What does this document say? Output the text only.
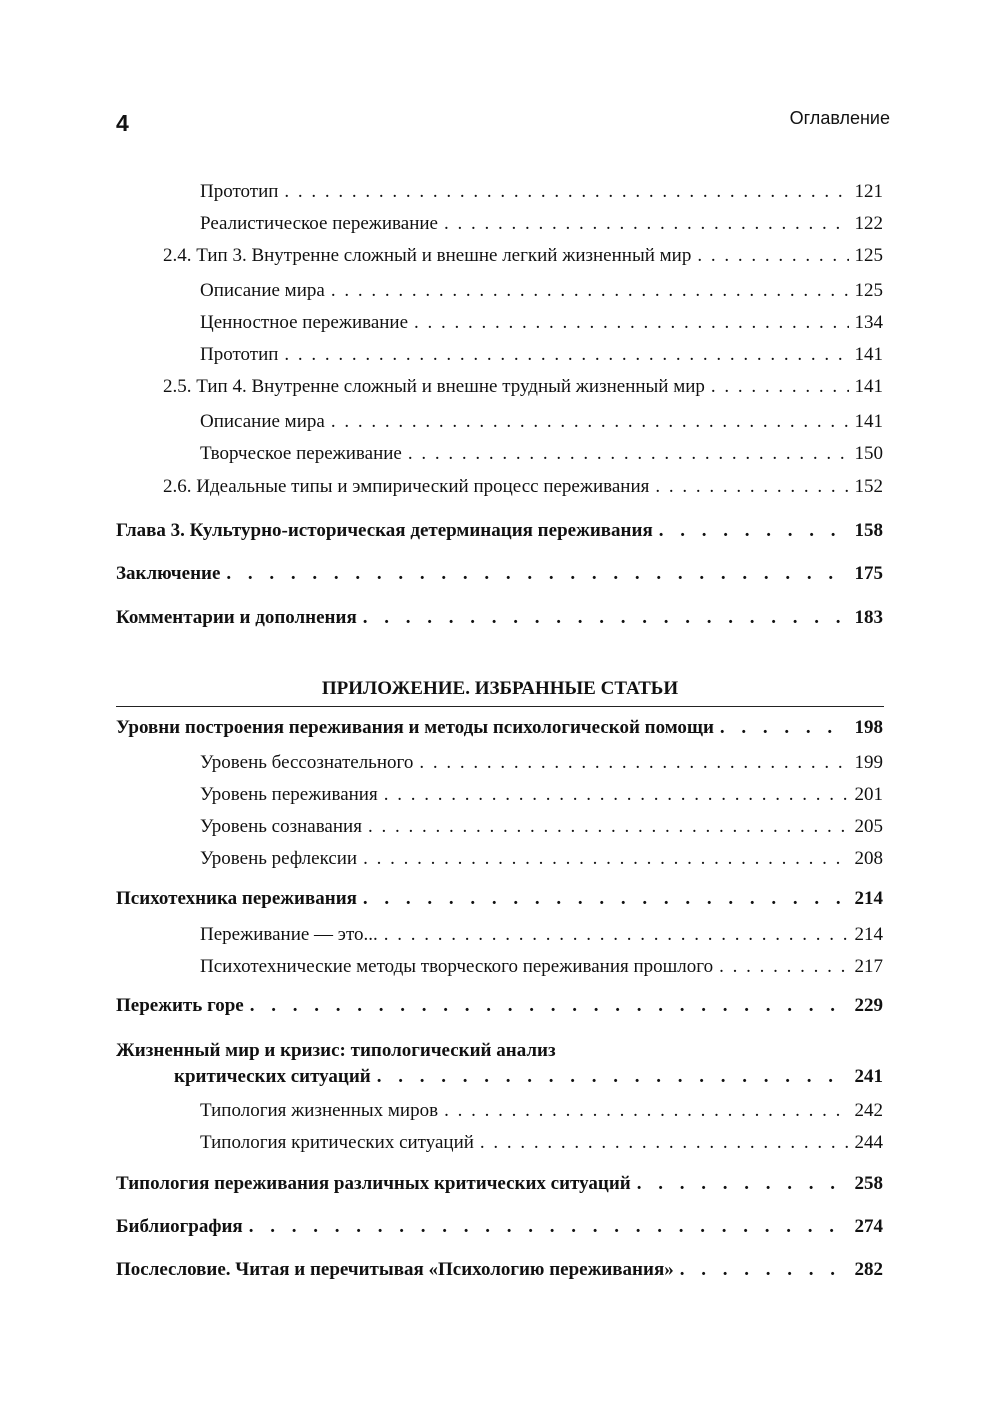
4	Оглавление
Прототип . . .	121
Реалистическое переживание . . .	122
2.4. Тип 3. Внутренне сложный и внешне легкий жизненный мир . . .	125
Описание мира . . .	125
Ценностное переживание . . .	134
Прототип . . .	141
2.5. Тип 4. Внутренне сложный и внешне трудный жизненный мир . . .	141
Описание мира . . .	141
Творческое переживание . . .	150
2.6. Идеальные типы и эмпирический процесс переживания . . .	152
Глава 3. Культурно-историческая детерминация переживания . . .	158
Заключение . . .	175
Комментарии и дополнения . . .	183
ПРИЛОЖЕНИЕ. ИЗБРАННЫЕ СТАТЬИ
Уровни построения переживания и методы психологической помощи . . .	198
Уровень бессознательного . . .	199
Уровень переживания . . .	201
Уровень сознавания . . .	205
Уровень рефлексии . . .	208
Психотехника переживания . . .	214
Переживание — это... . . .	214
Психотехнические методы творческого переживания прошлого . . .	217
Пережить горе . . .	229
Жизненный мир и кризис: типологический анализ
критических ситуаций . . .	241
Типология жизненных миров . . .	242
Типология критических ситуаций . . .	244
Типология переживания различных критических ситуаций . . .	258
Библиография . . .	274
Послесловие. Читая и перечитывая «Психологию переживания» . . .	282
